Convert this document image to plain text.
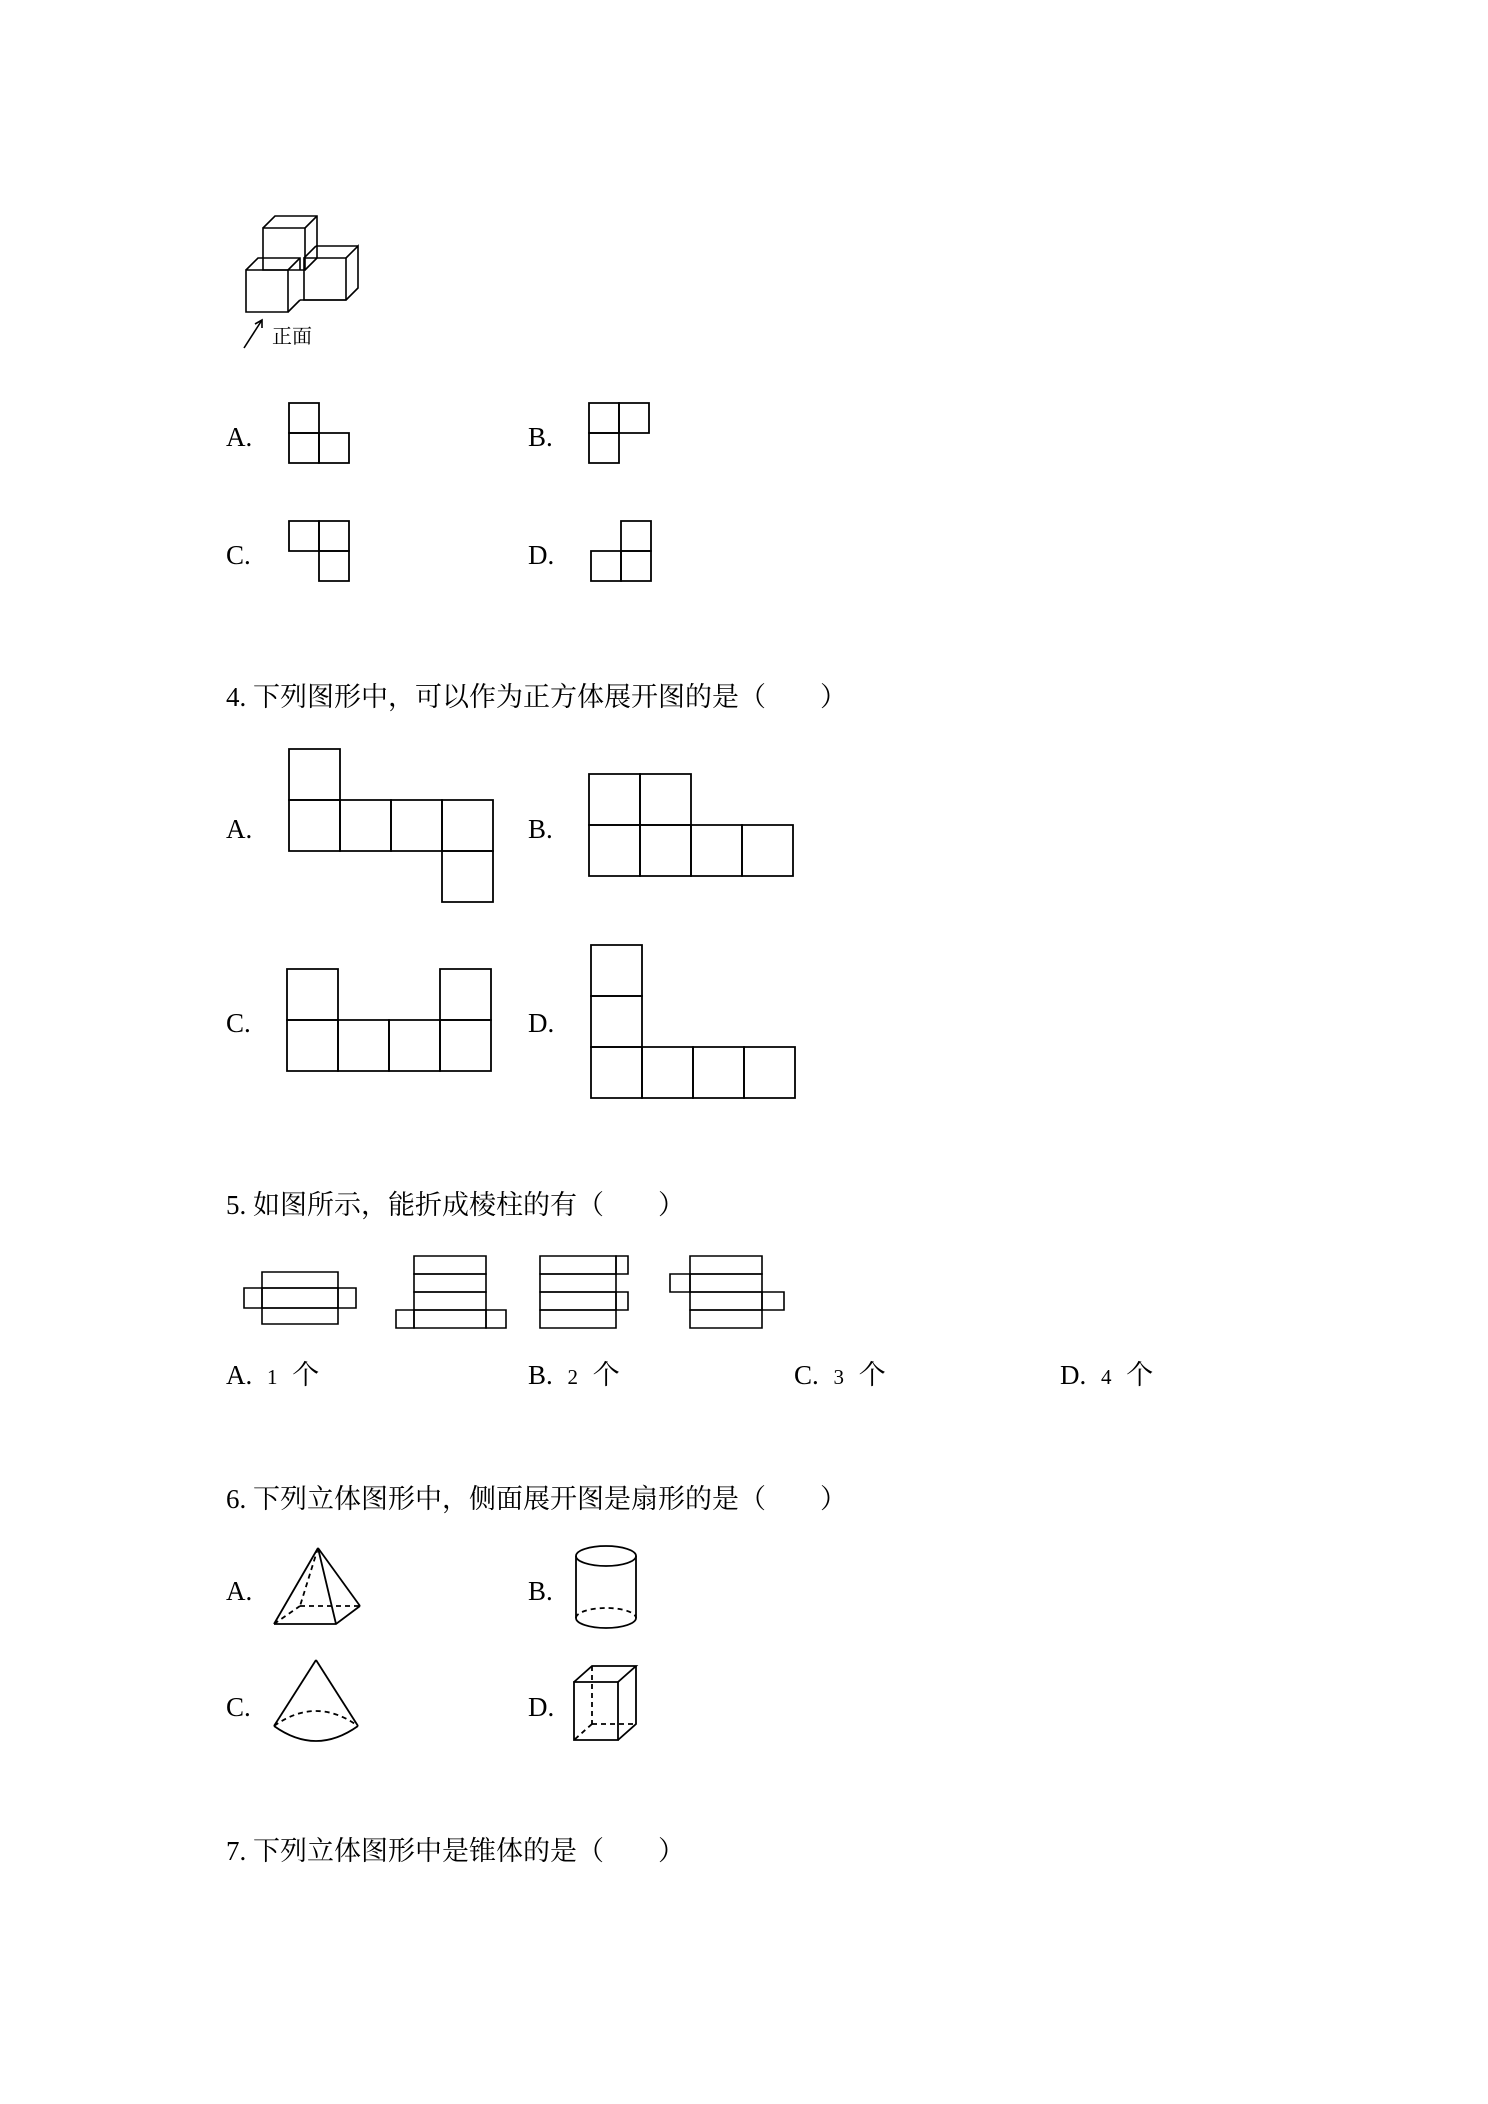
正面
A.	B.
C.	D.
4. 下列图形中，可以作为正方体展开图的是（　　）
A.	B.
C.	D.
5. 如图所示，能折成棱柱的有（　　）
A. 1 个	B. 2 个	C. 3 个	D. 4 个
6. 下列立体图形中，侧面展开图是扇形的是（　　）
A.	B.
C.	D.
7. 下列立体图形中是锥体的是（　　）
